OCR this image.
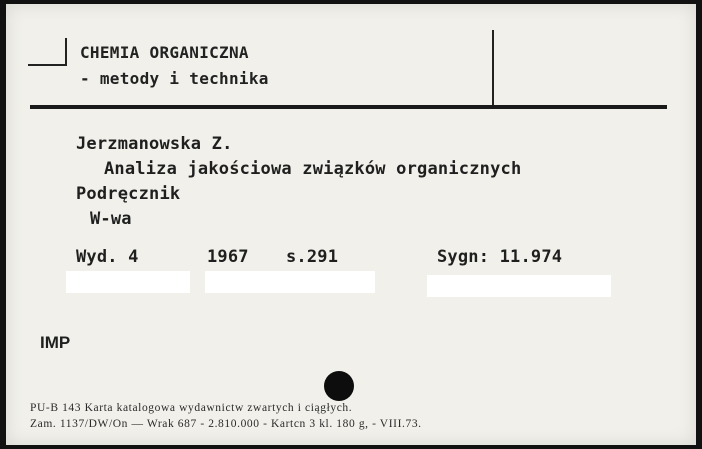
CHEMIA ORGANICZNA
- metody i technika
Jerzmanowska Z.
Analiza jakościowa związków organicznych
Podręcznik
W-wa
Wyd. 4	1967 s.291	Sygn: 11.974
IMP
PU-B 143 Karta katalogowa wydawnictw zwartych i ciągłych.
Zam. 1137/DW/On — Wrak 687 - 2.810.000 - Kartcn 3 kl. 180 g, - VIII.73.
